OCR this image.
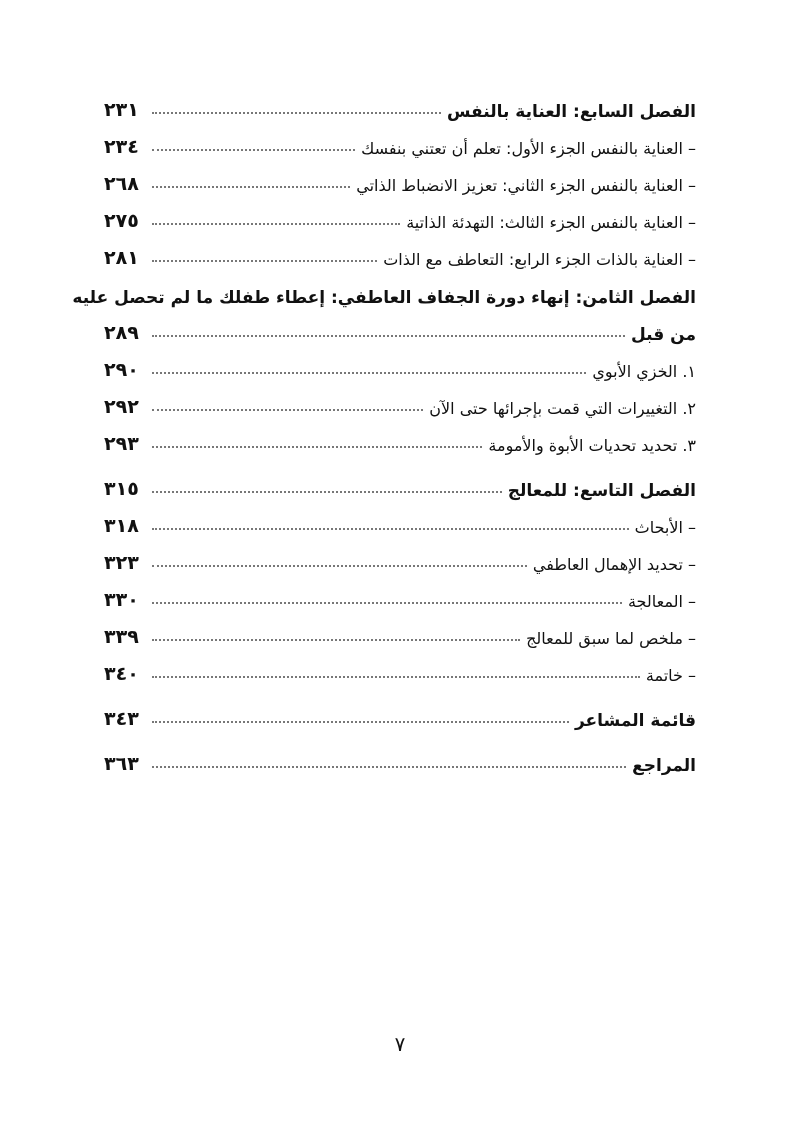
الفصل السابع: العناية بالنفس
٢٣١
– العناية بالنفس الجزء الأول: تعلم أن تعتني بنفسك
٢٣٤
– العناية بالنفس الجزء الثاني: تعزيز الانضباط الذاتي
٢٦٨
– العناية بالنفس الجزء الثالث: التهدئة الذاتية
٢٧٥
– العناية بالذات الجزء الرابع: التعاطف مع الذات
٢٨١
الفصل الثامن: إنهاء دورة الجفاف العاطفي: إعطاء طفلك ما لم تحصل عليه
من قبل
٢٨٩
١. الخزي الأبوي
٢٩٠
٢. التغييرات التي قمت بإجرائها حتى الآن
٢٩٢
٣. تحديد تحديات الأبوة والأمومة
٢٩٣
الفصل التاسع: للمعالج
٣١٥
– الأبحاث
٣١٨
– تحديد الإهمال العاطفي
٣٢٣
– المعالجة
٣٣٠
– ملخص لما سبق للمعالج
٣٣٩
– خاتمة
٣٤٠
قائمة المشاعر
٣٤٣
المراجع
٣٦٣
٧
